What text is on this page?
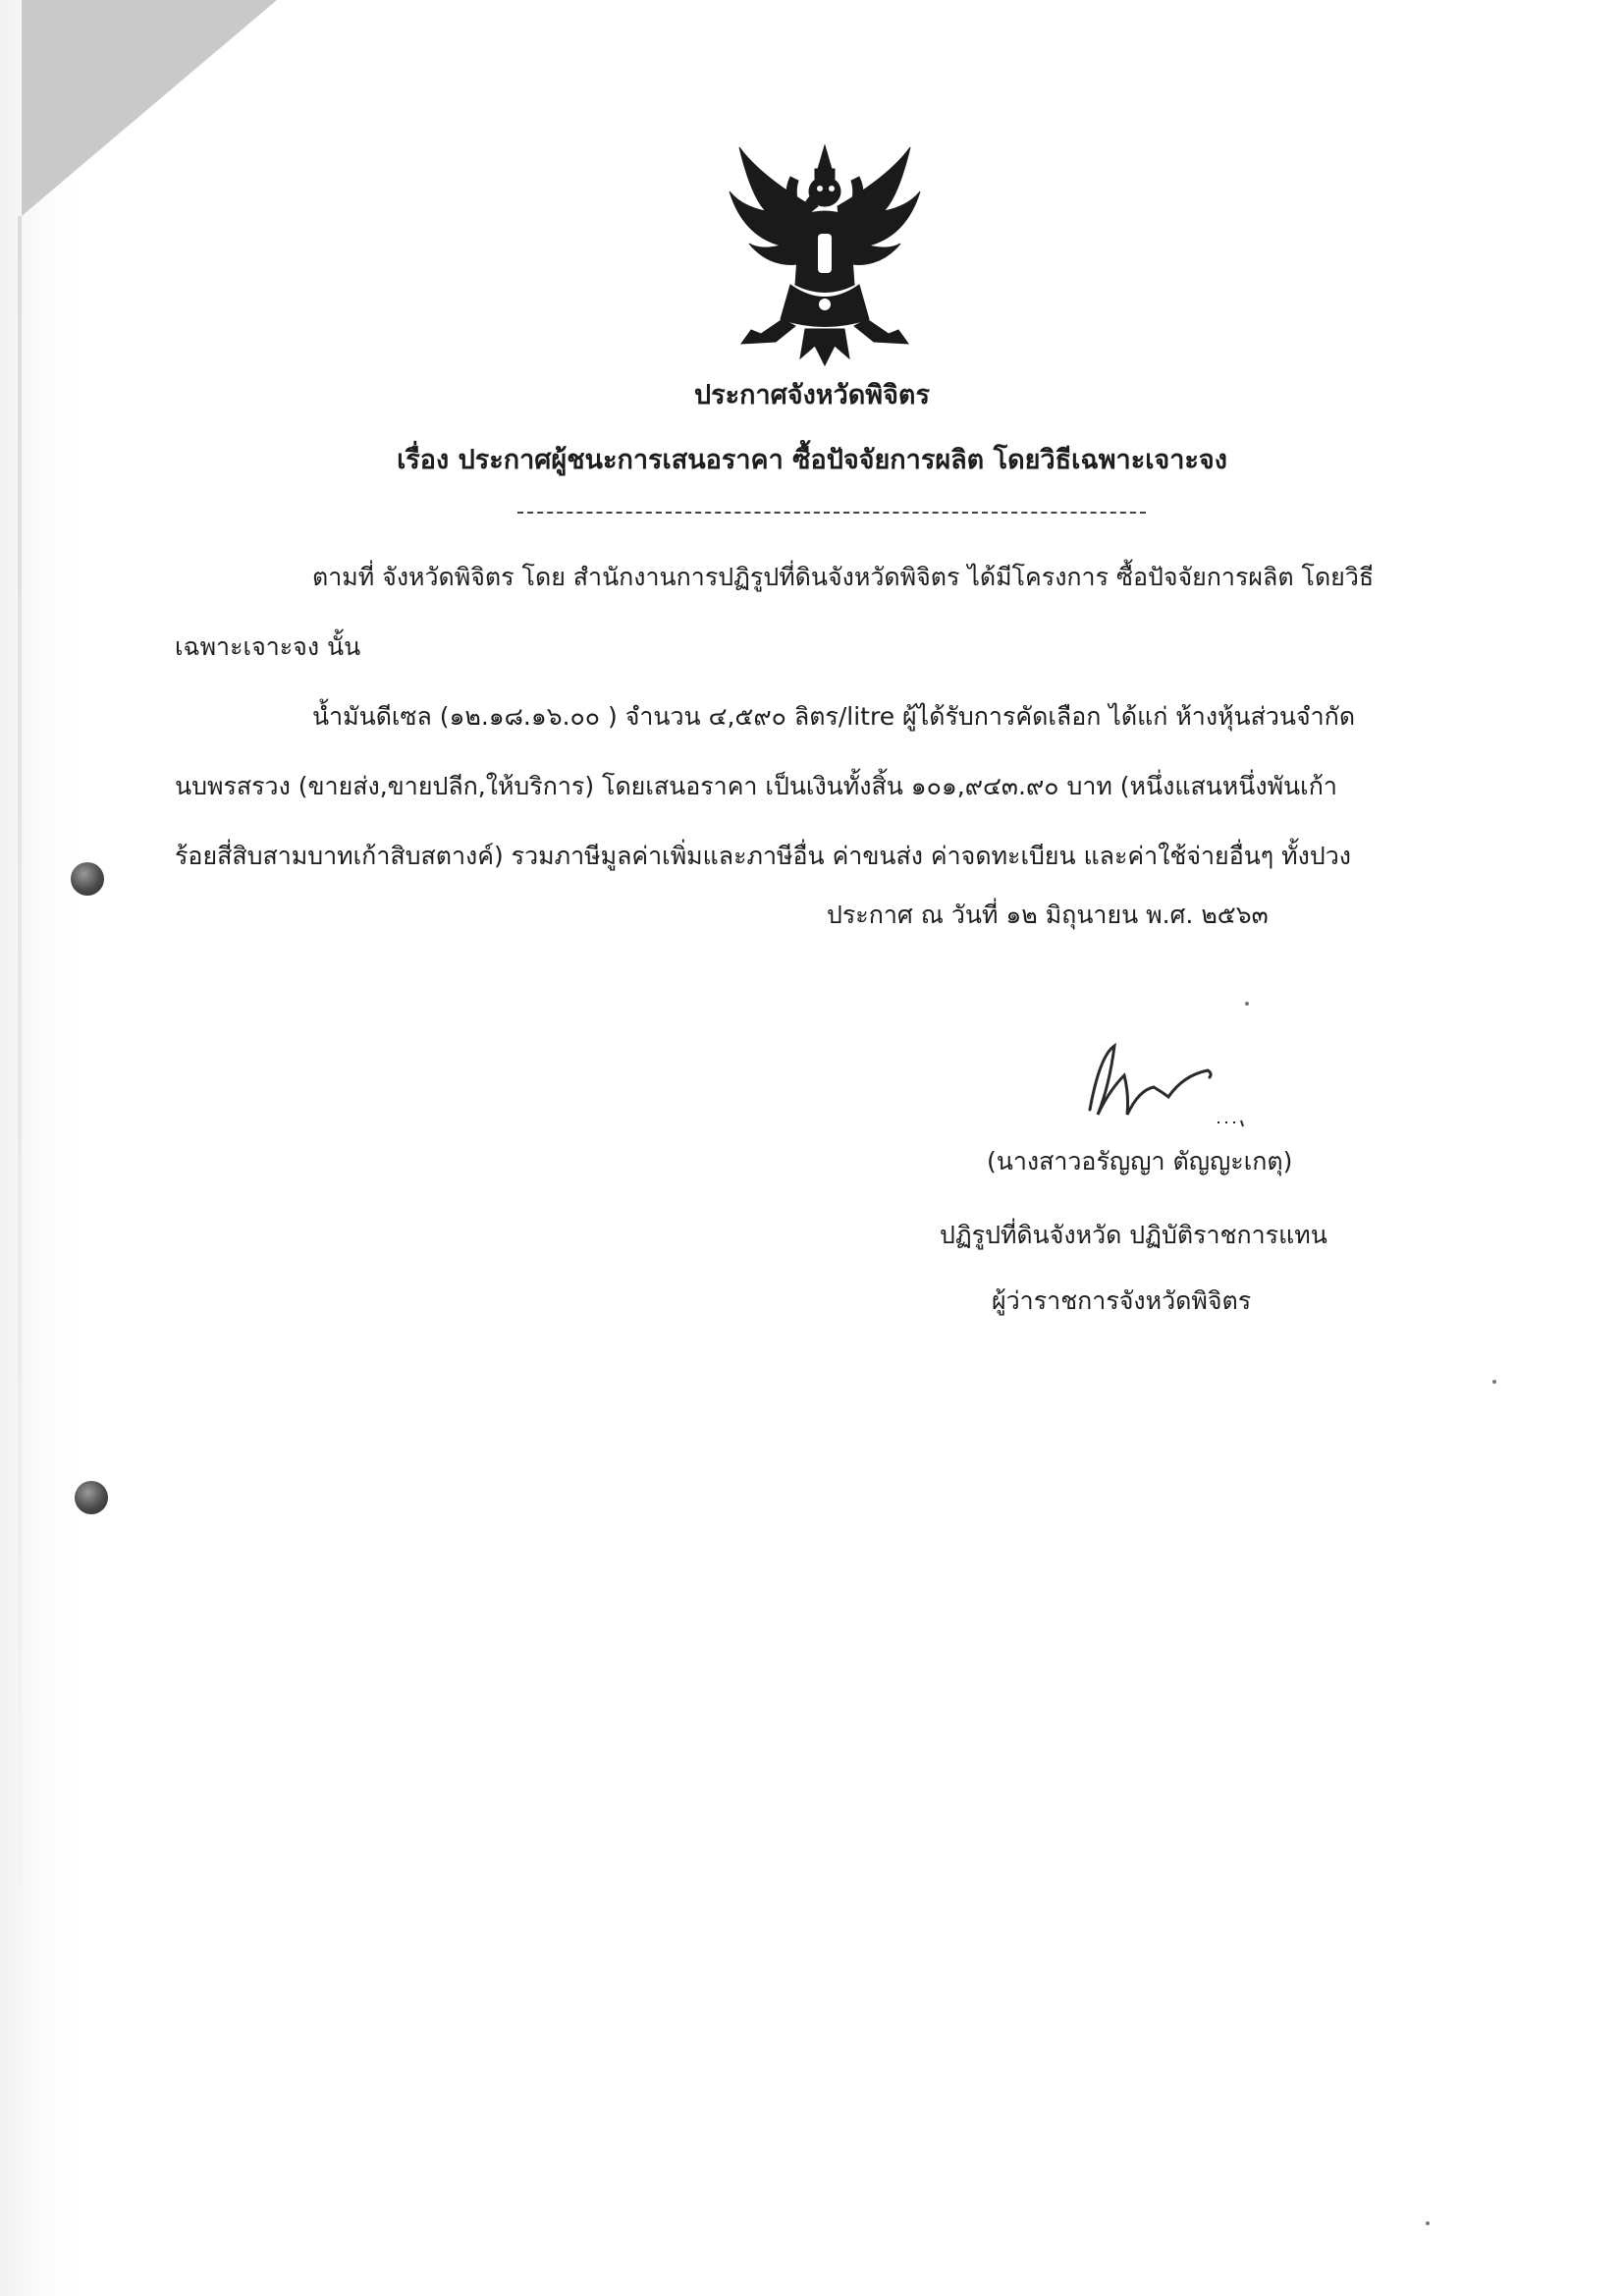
ประกาศจังหวัดพิจิตร
เรื่อง ประกาศผู้ชนะการเสนอราคา ซื้อปัจจัยการผลิต โดยวิธีเฉพาะเจาะจง
ตามที่ จังหวัดพิจิตร โดย สำนักงานการปฏิรูปที่ดินจังหวัดพิจิตร ได้มีโครงการ ซื้อปัจจัยการผลิต โดยวิธี
เฉพาะเจาะจง นั้น
น้ำมันดีเซล (๑๒.๑๘.๑๖.๐๐ ) จำนวน ๔,๕๙๐ ลิตร/litre ผู้ได้รับการคัดเลือก ได้แก่ ห้างหุ้นส่วนจำกัด
นบพรสรวง (ขายส่ง,ขายปลีก,ให้บริการ) โดยเสนอราคา เป็นเงินทั้งสิ้น ๑๐๑,๙๔๓.๙๐ บาท (หนึ่งแสนหนึ่งพันเก้า
ร้อยสี่สิบสามบาทเก้าสิบสตางค์) รวมภาษีมูลค่าเพิ่มและภาษีอื่น ค่าขนส่ง ค่าจดทะเบียน และค่าใช้จ่ายอื่นๆ ทั้งปวง
ประกาศ ณ วันที่ ๑๒ มิถุนายน พ.ศ. ๒๕๖๓
(นางสาวอรัญญา ตัญญะเกตุ)
ปฏิรูปที่ดินจังหวัด ปฏิบัติราชการแทน
ผู้ว่าราชการจังหวัดพิจิตร
